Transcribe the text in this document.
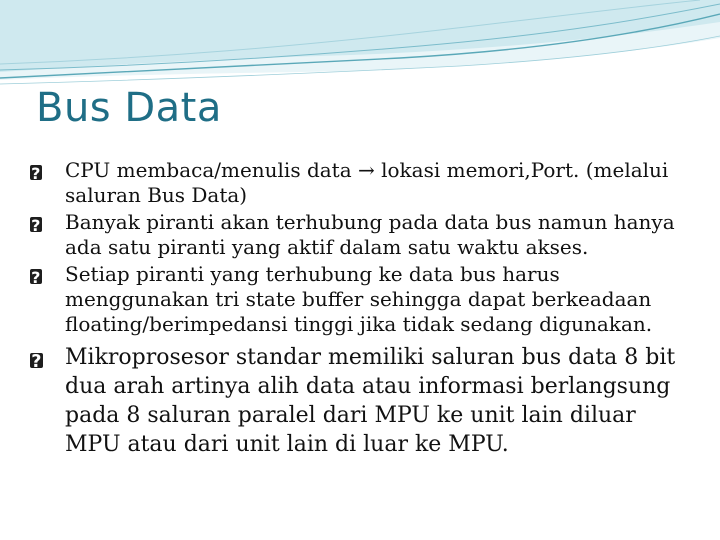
Bus Data

? CPU membaca/menulis data → lokasi memori,Port. (melalui saluran Bus Data)

? Banyak piranti akan terhubung pada data bus namun hanya ada satu piranti yang aktif dalam satu waktu akses.

? Setiap piranti yang terhubung ke data bus harus menggunakan tri state buffer sehingga dapat berkeadaan floating/berimpedansi tinggi jika tidak sedang digunakan.

? Mikroprosesor standar memiliki saluran bus data 8 bit dua arah artinya alih data atau informasi berlangsung pada 8 saluran paralel dari MPU ke unit lain diluar MPU atau dari unit lain di luar ke MPU.
